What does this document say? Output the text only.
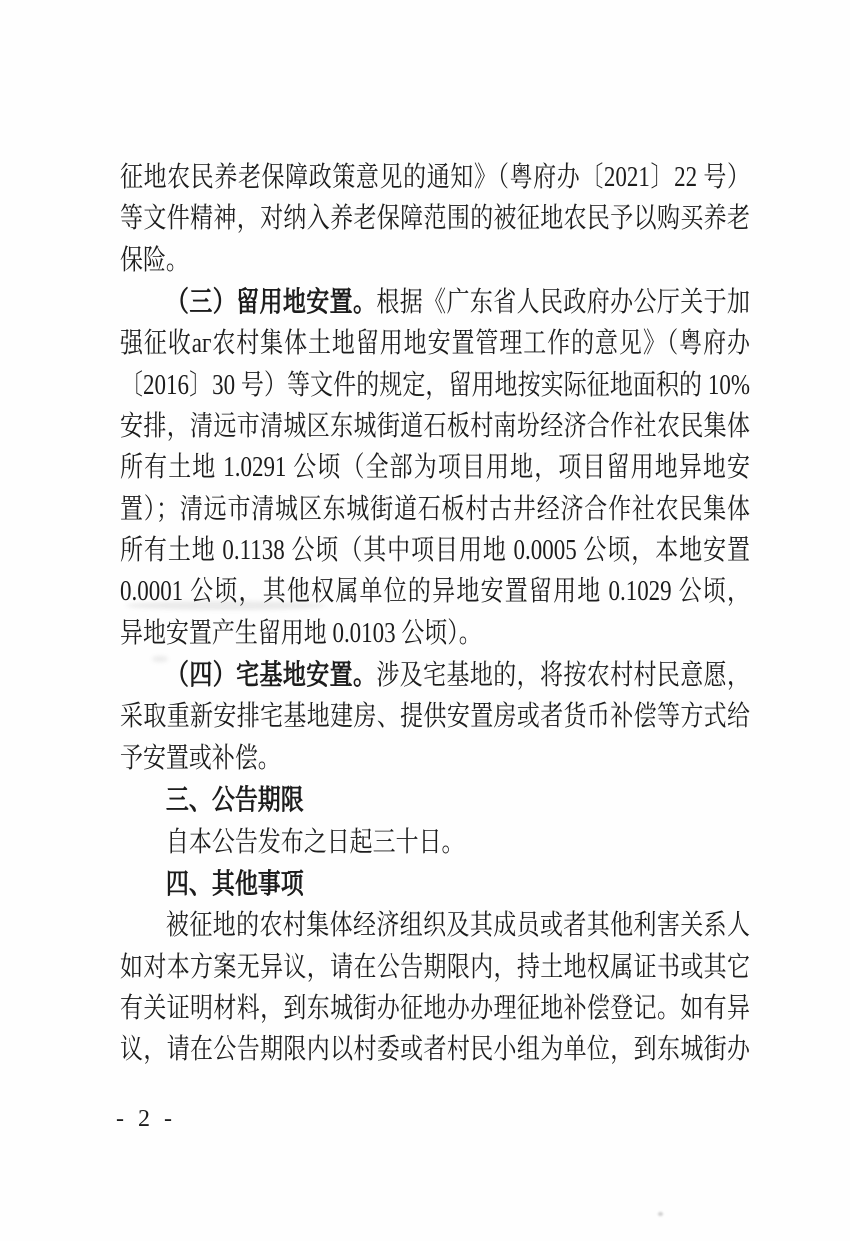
征地农民养老保障政策意见的通知》（粤府办〔2021〕22 号）
等文件精神，对纳入养老保障范围的被征地农民予以购买养老
保险。
（三）留用地安置。根据《广东省人民政府办公厅关于加
强征收аг农村集体土地留用地安置管理工作的意见》（粤府办
〔2016〕30 号）等文件的规定，留用地按实际征地面积的 10%
安排，清远市清城区东城街道石板村南坋经济合作社农民集体
所有土地 1.0291 公顷（全部为项目用地，项目留用地异地安
置）；清远市清城区东城街道石板村古井经济合作社农民集体
所有土地 0.1138 公顷（其中项目用地 0.0005 公顷，本地安置
0.0001 公顷，其他权属单位的异地安置留用地 0.1029 公顷，
异地安置产生留用地 0.0103 公顷）。
（四）宅基地安置。涉及宅基地的，将按农村村民意愿，
采取重新安排宅基地建房、提供安置房或者货币补偿等方式给
予安置或补偿。
三、公告期限
自本公告发布之日起三十日。
四、其他事项
被征地的农村集体经济组织及其成员或者其他利害关系人
如对本方案无异议，请在公告期限内，持土地权属证书或其它
有关证明材料，到东城街办征地办办理征地补偿登记。如有异
议，请在公告期限内以村委或者村民小组为单位，到东城街办
- 2 -
